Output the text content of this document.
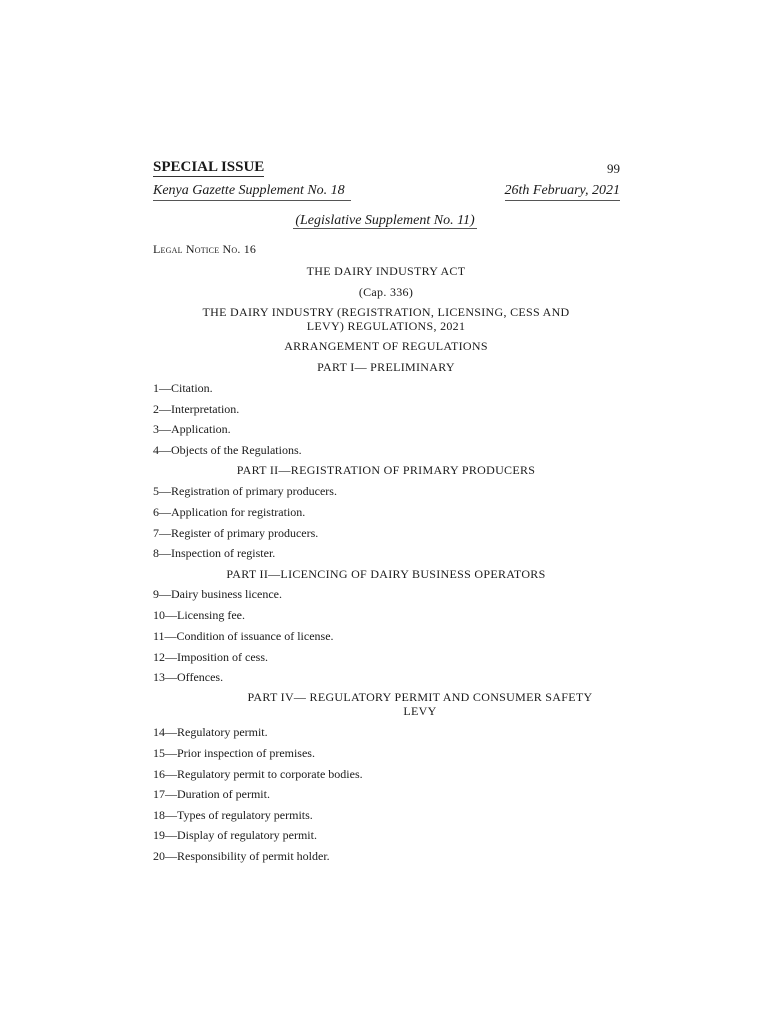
SPECIAL ISSUE	99
Kenya Gazette Supplement No. 18	26th February, 2021
(Legislative Supplement No. 11)
Legal Notice No. 16
THE DAIRY INDUSTRY ACT
(Cap. 336)
THE DAIRY INDUSTRY (REGISTRATION, LICENSING, CESS AND LEVY) REGULATIONS, 2021
ARRANGEMENT OF REGULATIONS
PART I— PRELIMINARY
1—Citation.
2—Interpretation.
3—Application.
4—Objects of the Regulations.
PART II—REGISTRATION OF PRIMARY PRODUCERS
5—Registration of primary producers.
6—Application for registration.
7—Register of primary producers.
8—Inspection of register.
PART II—LICENCING OF DAIRY BUSINESS OPERATORS
9—Dairy business licence.
10—Licensing fee.
11—Condition of issuance of license.
12—Imposition of cess.
13—Offences.
PART IV— REGULATORY PERMIT AND CONSUMER SAFETY LEVY
14—Regulatory permit.
15—Prior inspection of premises.
16—Regulatory permit to corporate bodies.
17—Duration of permit.
18—Types of regulatory permits.
19—Display of regulatory permit.
20—Responsibility of permit holder.
